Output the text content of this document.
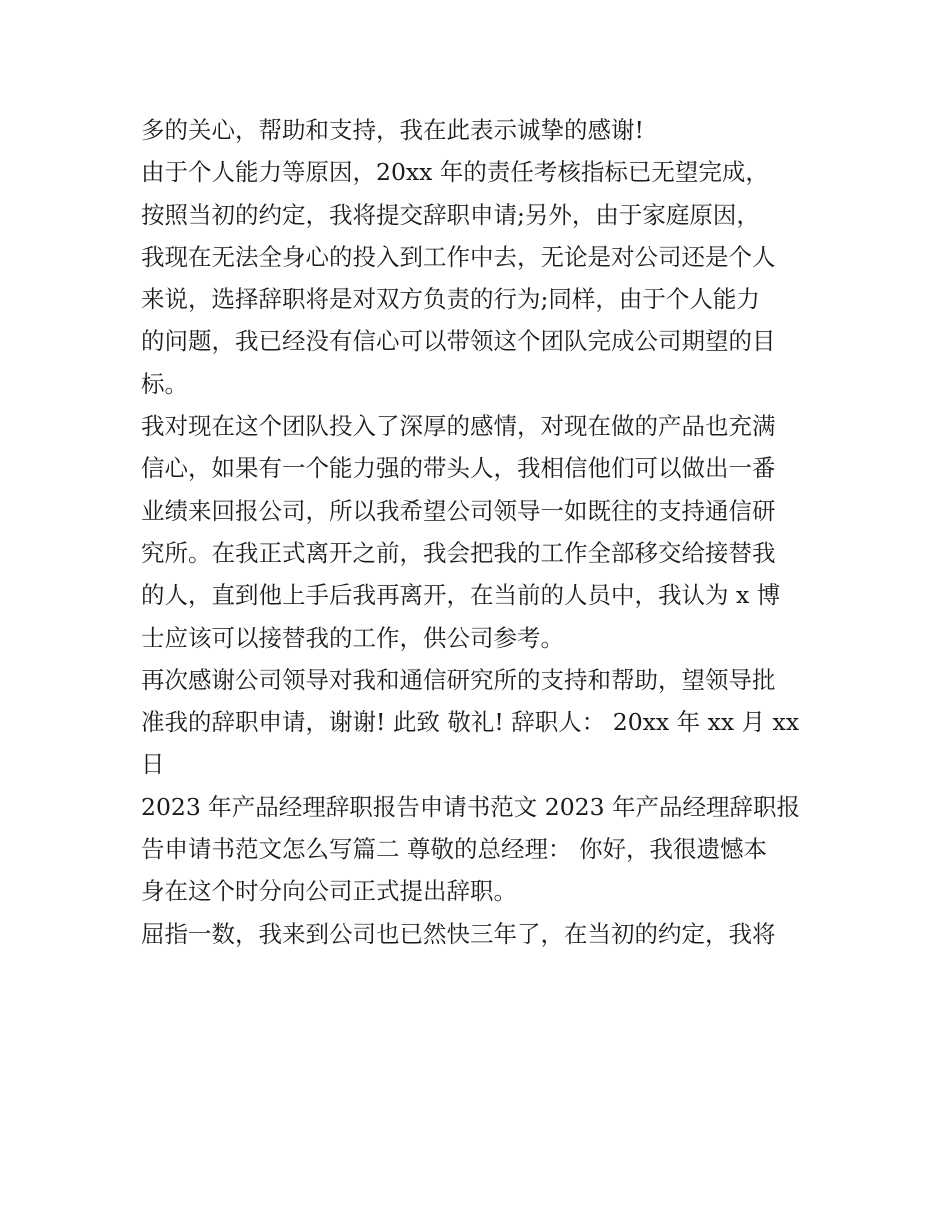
多的关心，帮助和支持，我在此表示诚挚的感谢!
由于个人能力等原因，20xx 年的责任考核指标已无望完成，
按照当初的约定，我将提交辞职申请;另外，由于家庭原因，
我现在无法全身心的投入到工作中去，无论是对公司还是个人
来说，选择辞职将是对双方负责的行为;同样，由于个人能力
的问题，我已经没有信心可以带领这个团队完成公司期望的目
标。
我对现在这个团队投入了深厚的感情，对现在做的产品也充满
信心，如果有一个能力强的带头人，我相信他们可以做出一番
业绩来回报公司，所以我希望公司领导一如既往的支持通信研
究所。在我正式离开之前，我会把我的工作全部移交给接替我
的人，直到他上手后我再离开，在当前的人员中，我认为 x 博
士应该可以接替我的工作，供公司参考。
再次感谢公司领导对我和通信研究所的支持和帮助，望领导批
准我的辞职申请，谢谢! 此致 敬礼! 辞职人： 20xx 年 xx 月 xx
日
2023 年产品经理辞职报告申请书范文 2023 年产品经理辞职报
告申请书范文怎么写篇二 尊敬的总经理： 你好，我很遗憾本
身在这个时分向公司正式提出辞职。
屈指一数，我来到公司也已然快三年了，在当初的约定，我将
